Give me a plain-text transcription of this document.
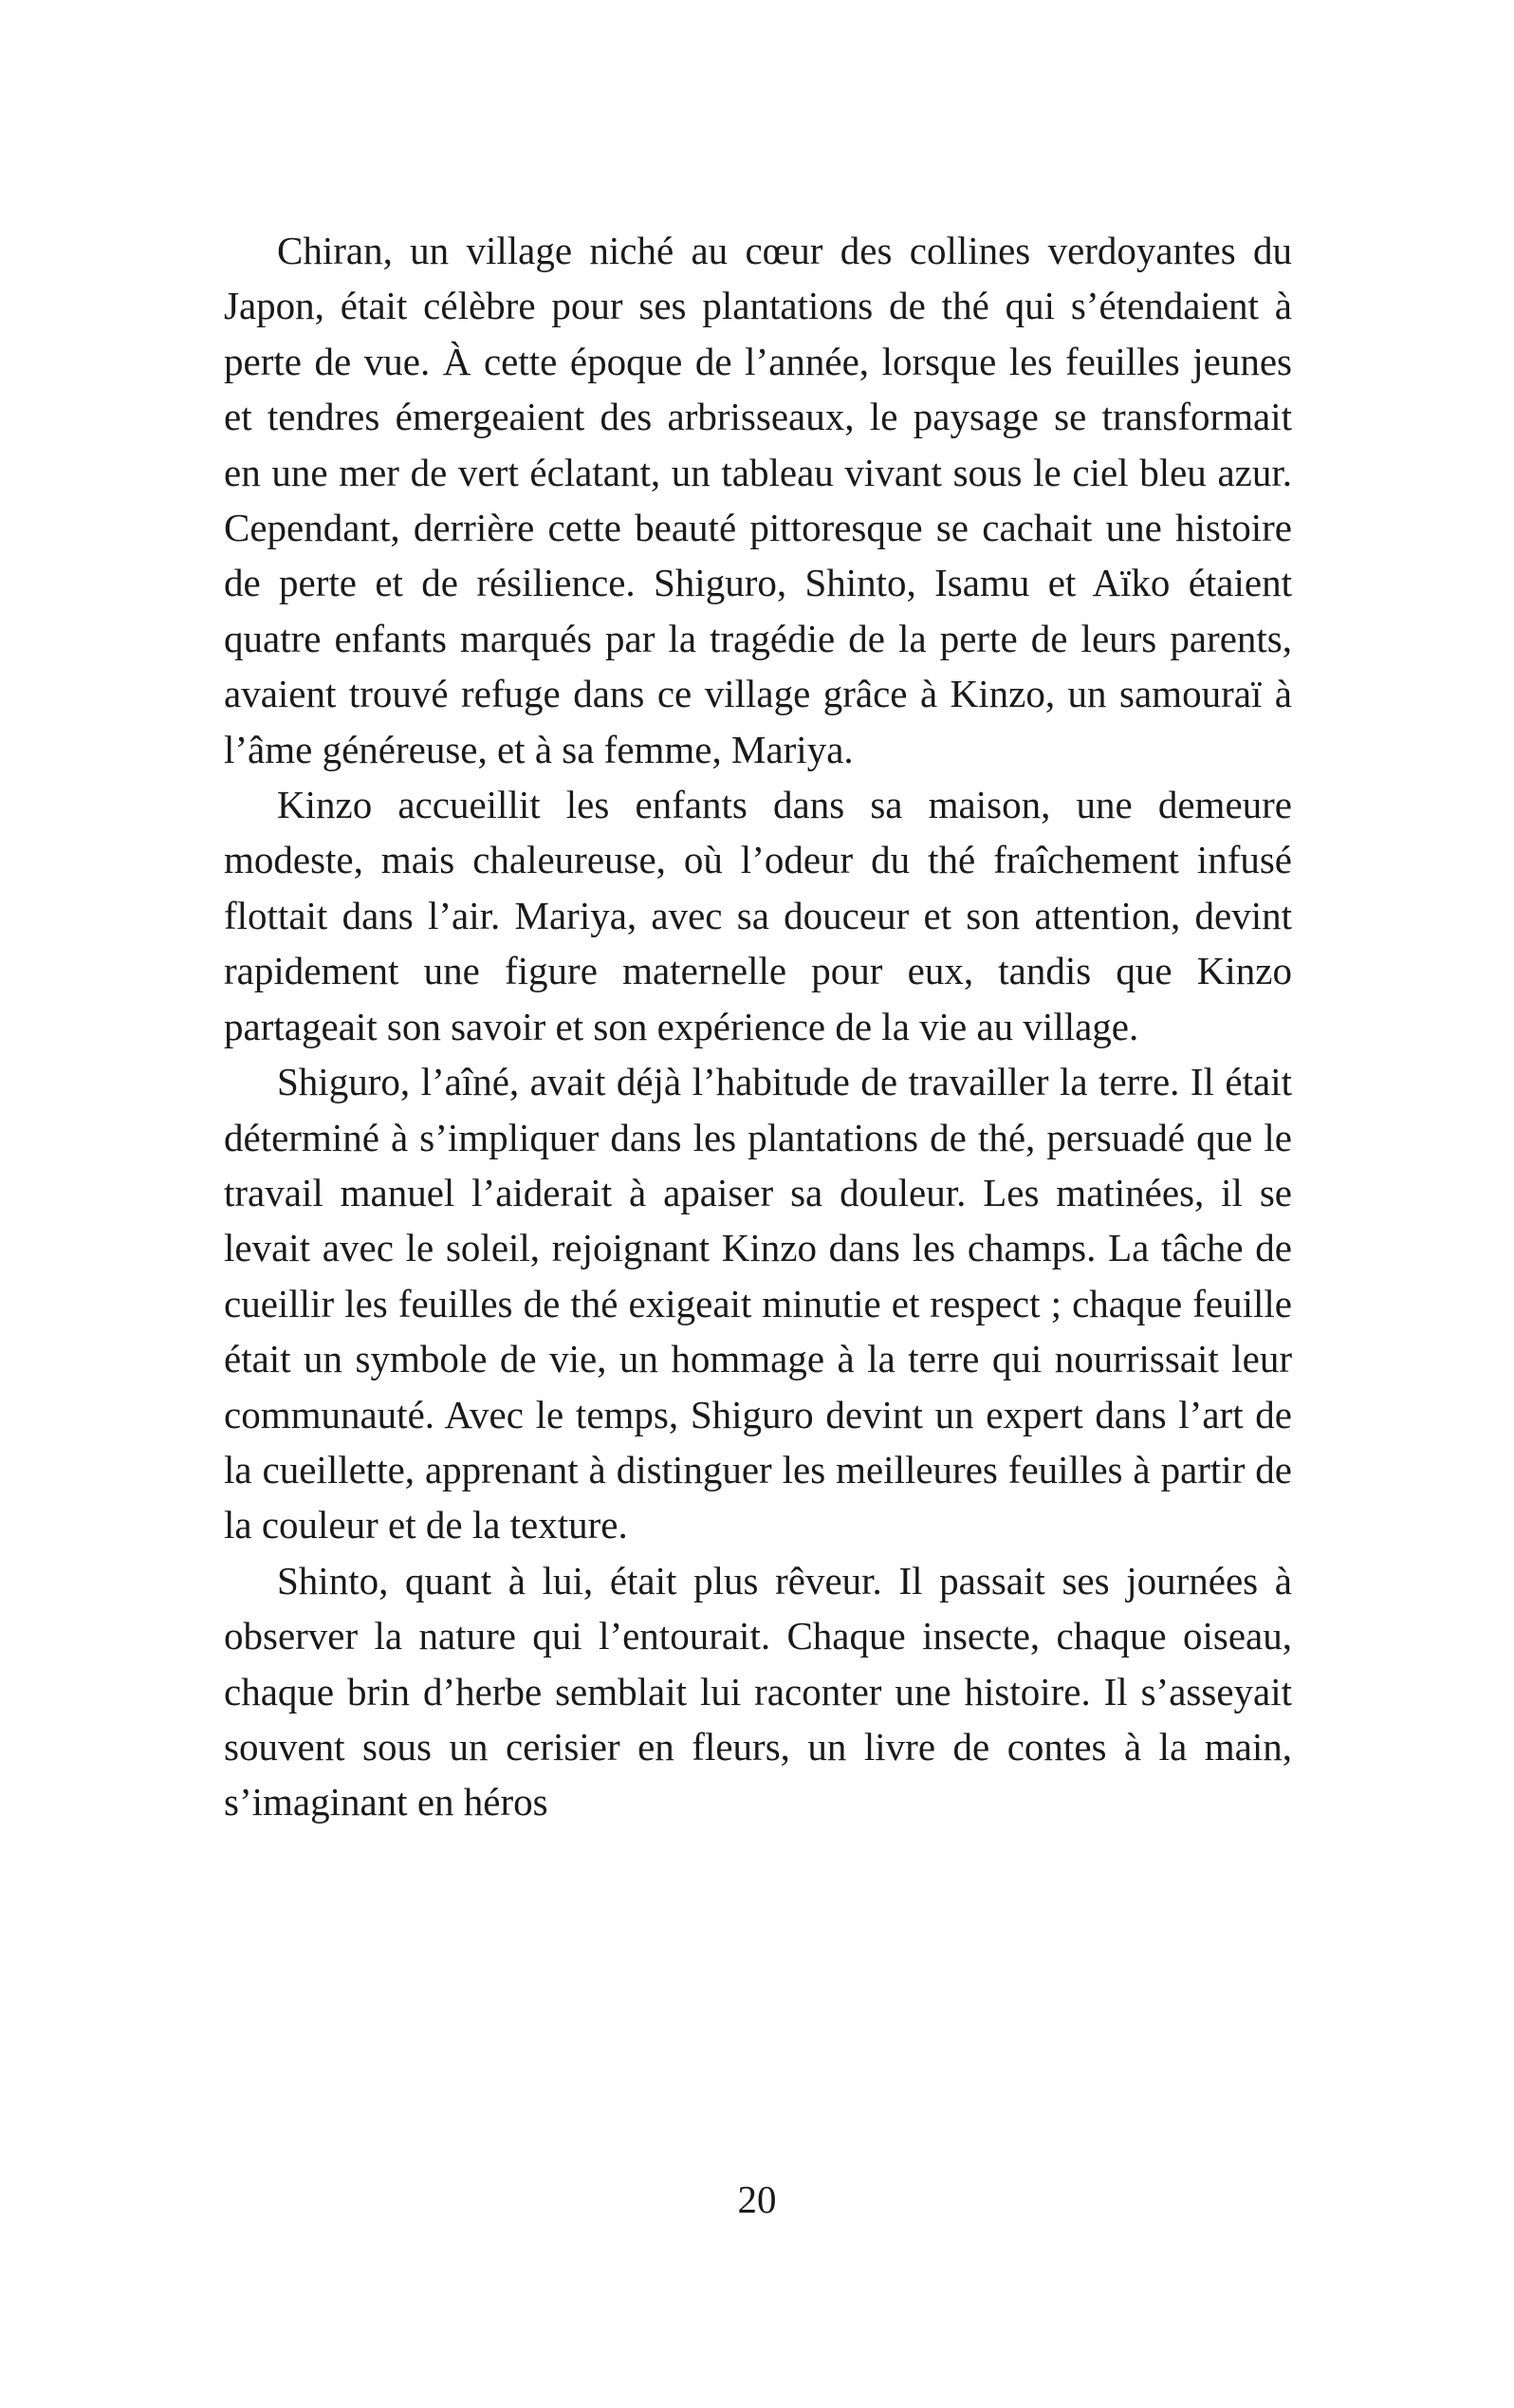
Chiran, un village niché au cœur des collines verdoyantes du Japon, était célèbre pour ses plantations de thé qui s’étendaient à perte de vue. À cette époque de l’année, lorsque les feuilles jeunes et tendres émergeaient des arbrisseaux, le paysage se transformait en une mer de vert éclatant, un tableau vivant sous le ciel bleu azur. Cependant, derrière cette beauté pittoresque se cachait une histoire de perte et de résilience. Shiguro, Shinto, Isamu et Aïko étaient quatre enfants marqués par la tragédie de la perte de leurs parents, avaient trouvé refuge dans ce village grâce à Kinzo, un samouraï à l’âme généreuse, et à sa femme, Mariya.

Kinzo accueillit les enfants dans sa maison, une demeure modeste, mais chaleureuse, où l’odeur du thé fraîchement infusé flottait dans l’air. Mariya, avec sa douceur et son attention, devint rapidement une figure maternelle pour eux, tandis que Kinzo partageait son savoir et son expérience de la vie au village.

Shiguro, l’aîné, avait déjà l’habitude de travailler la terre. Il était déterminé à s’impliquer dans les plantations de thé, persuadé que le travail manuel l’aiderait à apaiser sa douleur. Les matinées, il se levait avec le soleil, rejoignant Kinzo dans les champs. La tâche de cueillir les feuilles de thé exigeait minutie et respect ; chaque feuille était un symbole de vie, un hommage à la terre qui nourrissait leur communauté. Avec le temps, Shiguro devint un expert dans l’art de la cueillette, apprenant à distinguer les meilleures feuilles à partir de la couleur et de la texture.

Shinto, quant à lui, était plus rêveur. Il passait ses journées à observer la nature qui l’entourait. Chaque insecte, chaque oiseau, chaque brin d’herbe semblait lui raconter une histoire. Il s’asseyait souvent sous un cerisier en fleurs, un livre de contes à la main, s’imaginant en héros

20
